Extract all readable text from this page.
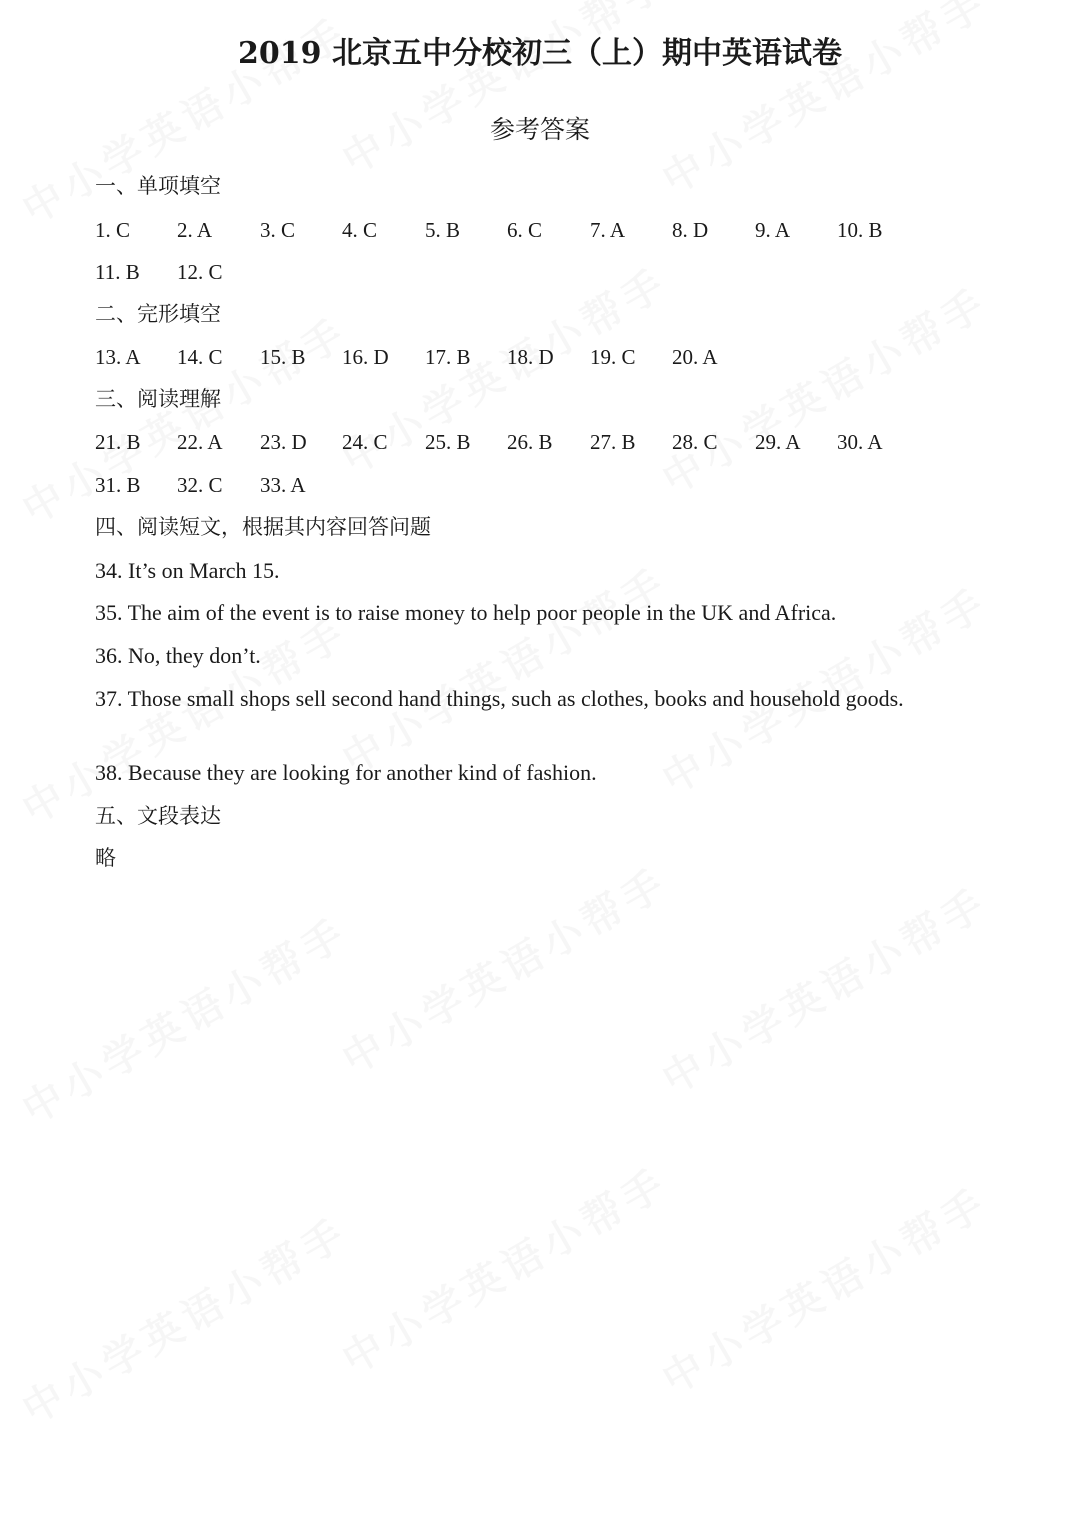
2019 北京五中分校初三（上）期中英语试卷
参考答案
一、单项填空
1. C 2. A 3. C 4. C 5. B 6. C 7. A 8. D 9. A 10. B
11. B 12. C
二、完形填空
13. A 14. C 15. B 16. D 17. B 18. D 19. C 20. A
三、阅读理解
21. B 22. A 23. D 24. C 25. B 26. B 27. B 28. C 29. A 30. A
31. B 32. C 33. A
四、阅读短文，根据其内容回答问题
34. It’s on March 15.
35. The aim of the event is to raise money to help poor people in the UK and Africa.
36. No, they don’t.
37. Those small shops sell second hand things, such as clothes, books and household goods.
38. Because they are looking for another kind of fashion.
五、文段表达
略
